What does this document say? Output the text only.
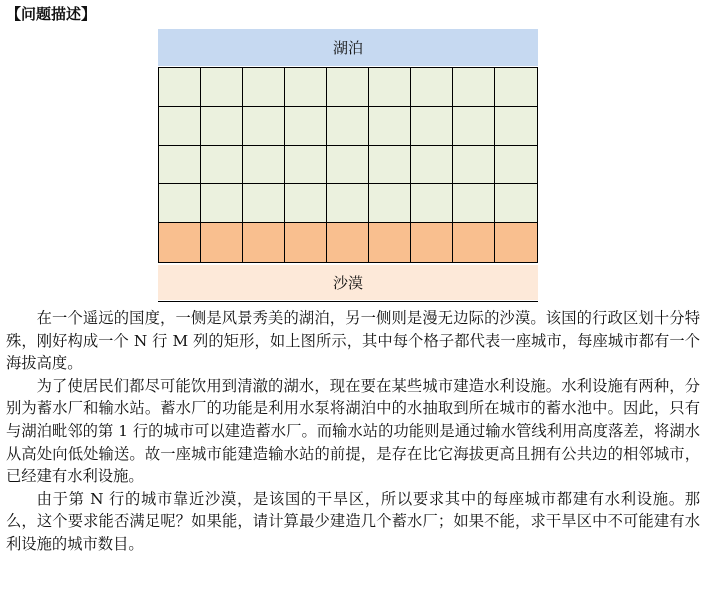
【问题描述】
湖泊
沙漠

在一个遥远的国度，一侧是风景秀美的湖泊，另一侧则是漫无边际的沙漠。该国的行政区划十分特殊，刚好构成一个 N 行 M 列的矩形，如上图所示，其中每个格子都代表一座城市，每座城市都有一个海拔高度。

为了使居民们都尽可能饮用到清澈的湖水，现在要在某些城市建造水利设施。水利设施有两种，分别为蓄水厂和输水站。蓄水厂的功能是利用水泵将湖泊中的水抽取到所在城市的蓄水池中。因此，只有与湖泊毗邻的第 1 行的城市可以建造蓄水厂。而输水站的功能则是通过输水管线利用高度落差，将湖水从高处向低处输送。故一座城市能建造输水站的前提，是存在比它海拔更高且拥有公共边的相邻城市，已经建有水利设施。

由于第 N 行的城市靠近沙漠，是该国的干旱区，所以要求其中的每座城市都建有水利设施。那么，这个要求能否满足呢？如果能，请计算最少建造几个蓄水厂；如果不能，求干旱区中不可能建有水利设施的城市数目。
